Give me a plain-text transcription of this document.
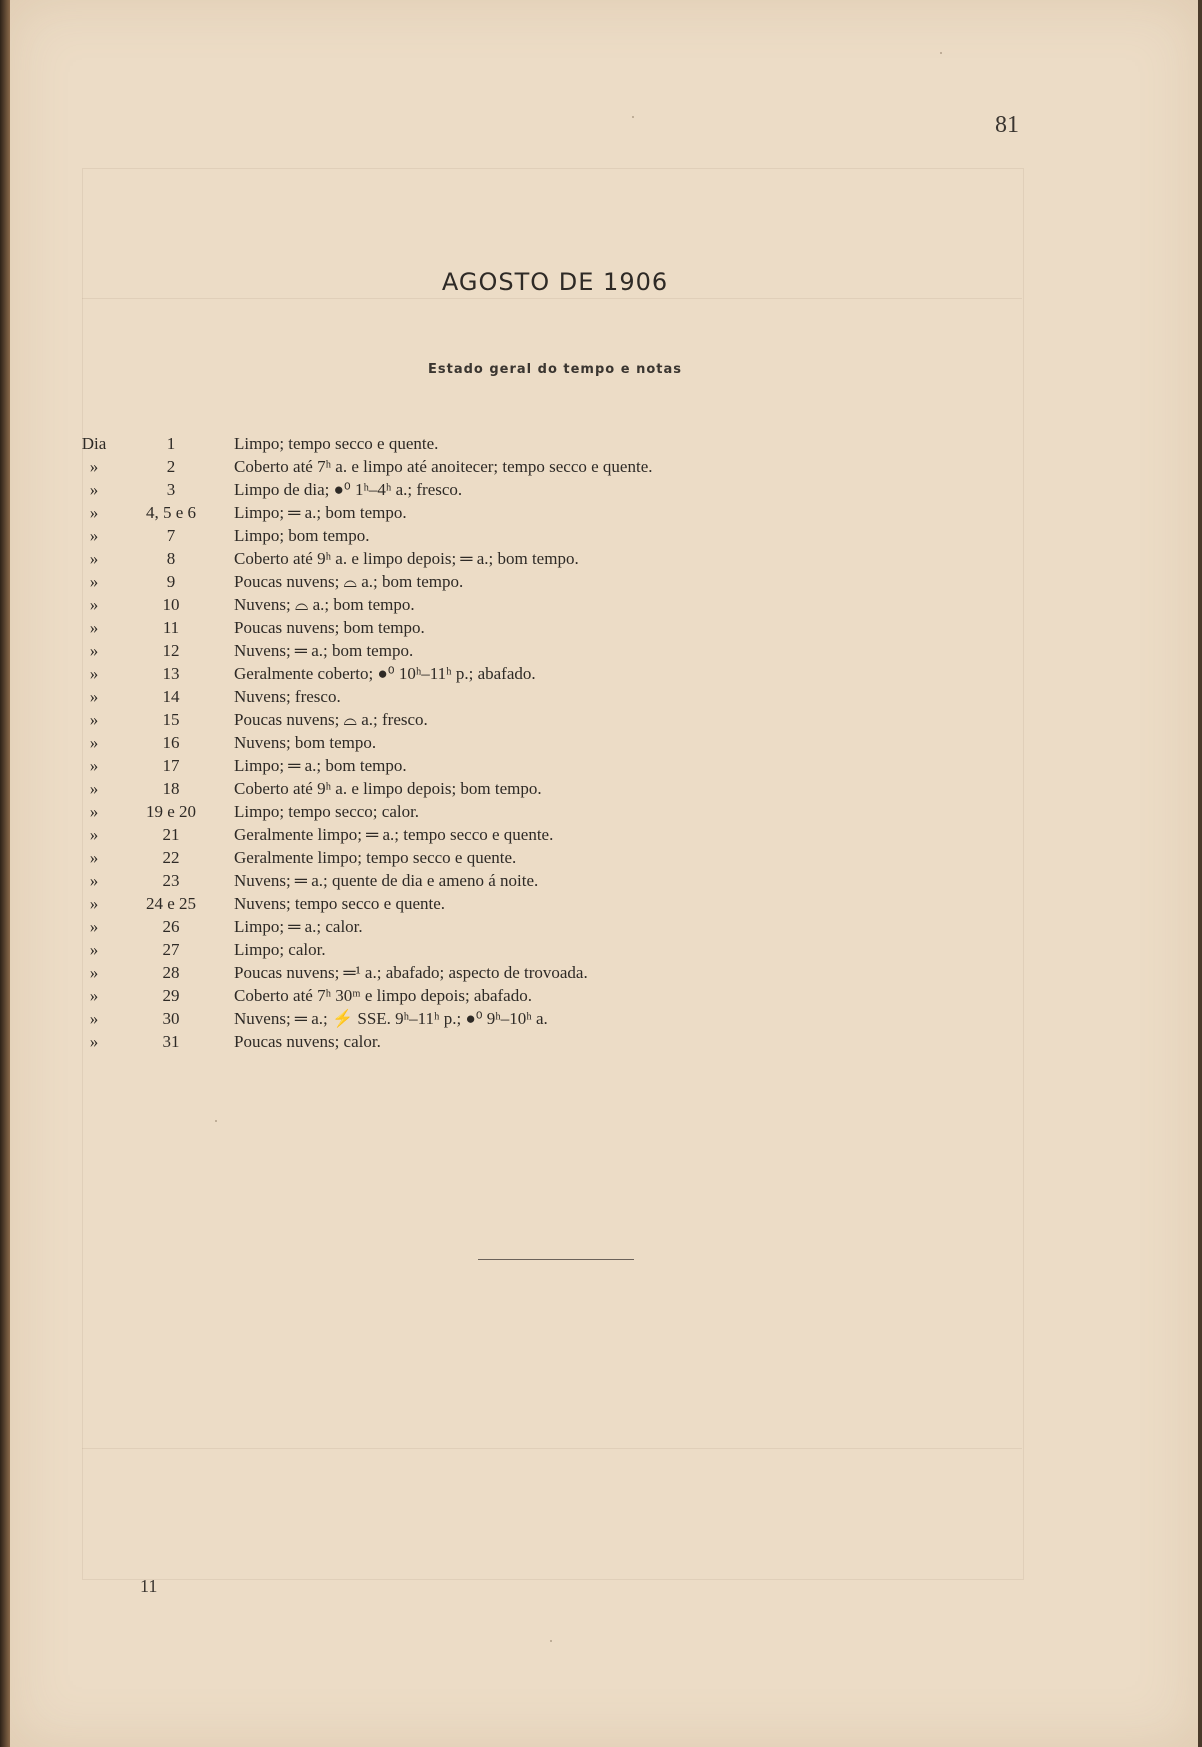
81
AGOSTO DE 1906
Estado geral do tempo e notas
Dia	1	Limpo; tempo secco e quente.
»	2	Coberto até 7ʰ a. e limpo até anoitecer; tempo secco e quente.
»	3	Limpo de dia; ●⁰ 1ʰ–4ʰ a.; fresco.
»	4, 5 e 6	Limpo; ═ a.; bom tempo.
»	7	Limpo; bom tempo.
»	8	Coberto até 9ʰ a. e limpo depois; ═ a.; bom tempo.
»	9	Poucas nuvens; ⌓ a.; bom tempo.
»	10	Nuvens; ⌓ a.; bom tempo.
»	11	Poucas nuvens; bom tempo.
»	12	Nuvens; ═ a.; bom tempo.
»	13	Geralmente coberto; ●⁰ 10ʰ–11ʰ p.; abafado.
»	14	Nuvens; fresco.
»	15	Poucas nuvens; ⌓ a.; fresco.
»	16	Nuvens; bom tempo.
»	17	Limpo; ═ a.; bom tempo.
»	18	Coberto até 9ʰ a. e limpo depois; bom tempo.
»	19 e 20	Limpo; tempo secco; calor.
»	21	Geralmente limpo; ═ a.; tempo secco e quente.
»	22	Geralmente limpo; tempo secco e quente.
»	23	Nuvens; ═ a.; quente de dia e ameno á noite.
»	24 e 25	Nuvens; tempo secco e quente.
»	26	Limpo; ═ a.; calor.
»	27	Limpo; calor.
»	28	Poucas nuvens; ═¹ a.; abafado; aspecto de trovoada.
»	29	Coberto até 7ʰ 30ᵐ e limpo depois; abafado.
»	30	Nuvens; ═ a.; ⚡ SSE. 9ʰ–11ʰ p.; ●⁰ 9ʰ–10ʰ a.
»	31	Poucas nuvens; calor.
11
